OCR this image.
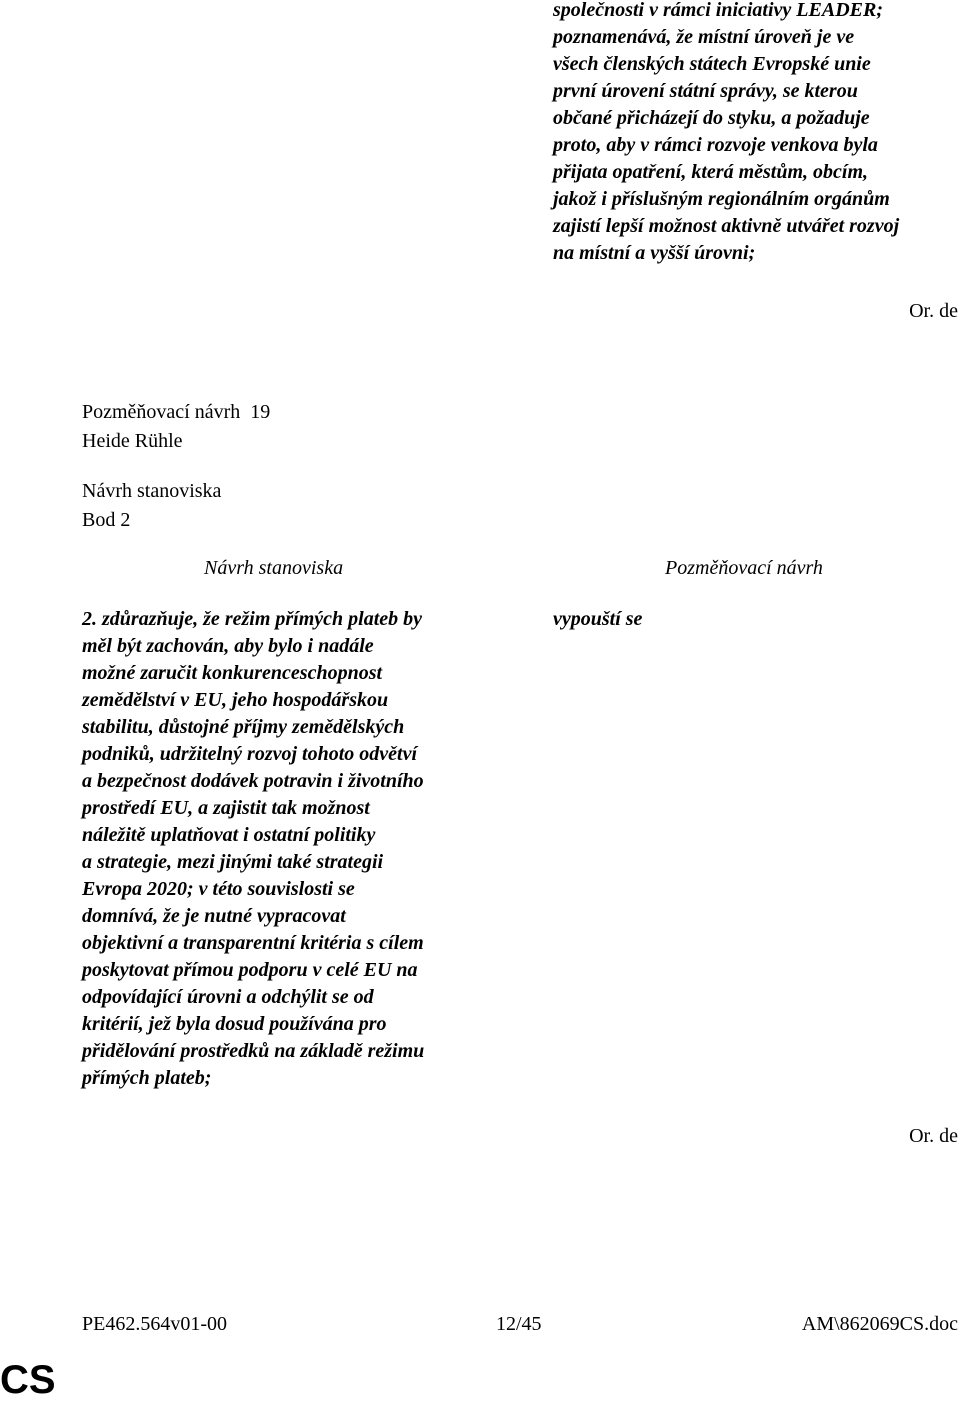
společnosti v rámci iniciativy LEADER;
poznamenává, že místní úroveň je ve
všech členských státech Evropské unie
první úrovení státní správy, se kterou
občané přicházejí do styku, a požaduje
proto, aby v rámci rozvoje venkova byla
přijata opatření, která městům, obcím,
jakož i příslušným regionálním orgánům
zajistí lepší možnost aktivně utvářet rozvoj
na místní a vyšší úrovni;
Or. de
Pozměňovací návrh 19
Heide Rühle
Návrh stanoviska
Bod 2
Návrh stanoviska	Pozměňovací návrh
2. zdůrazňuje, že režim přímých plateb by
měl být zachován, aby bylo i nadále
možné zaručit konkurenceschopnost
zemědělství v EU, jeho hospodářskou
stabilitu, důstojné příjmy zemědělských
podniků, udržitelný rozvoj tohoto odvětví
a bezpečnost dodávek potravin i životního
prostředí EU, a zajistit tak možnost
náležitě uplatňovat i ostatní politiky
a strategie, mezi jinými také strategii
Evropa 2020; v této souvislosti se
domnívá, že je nutné vypracovat
objektivní a transparentní kritéria s cílem
poskytovat přímou podporu v celé EU na
odpovídající úrovni a odchýlit se od
kritérií, jež byla dosud používána pro
přidělování prostředků na základě režimu
přímých plateb;
vypouští se
Or. de
PE462.564v01-00	12/45	AM\862069CS.doc
CS
